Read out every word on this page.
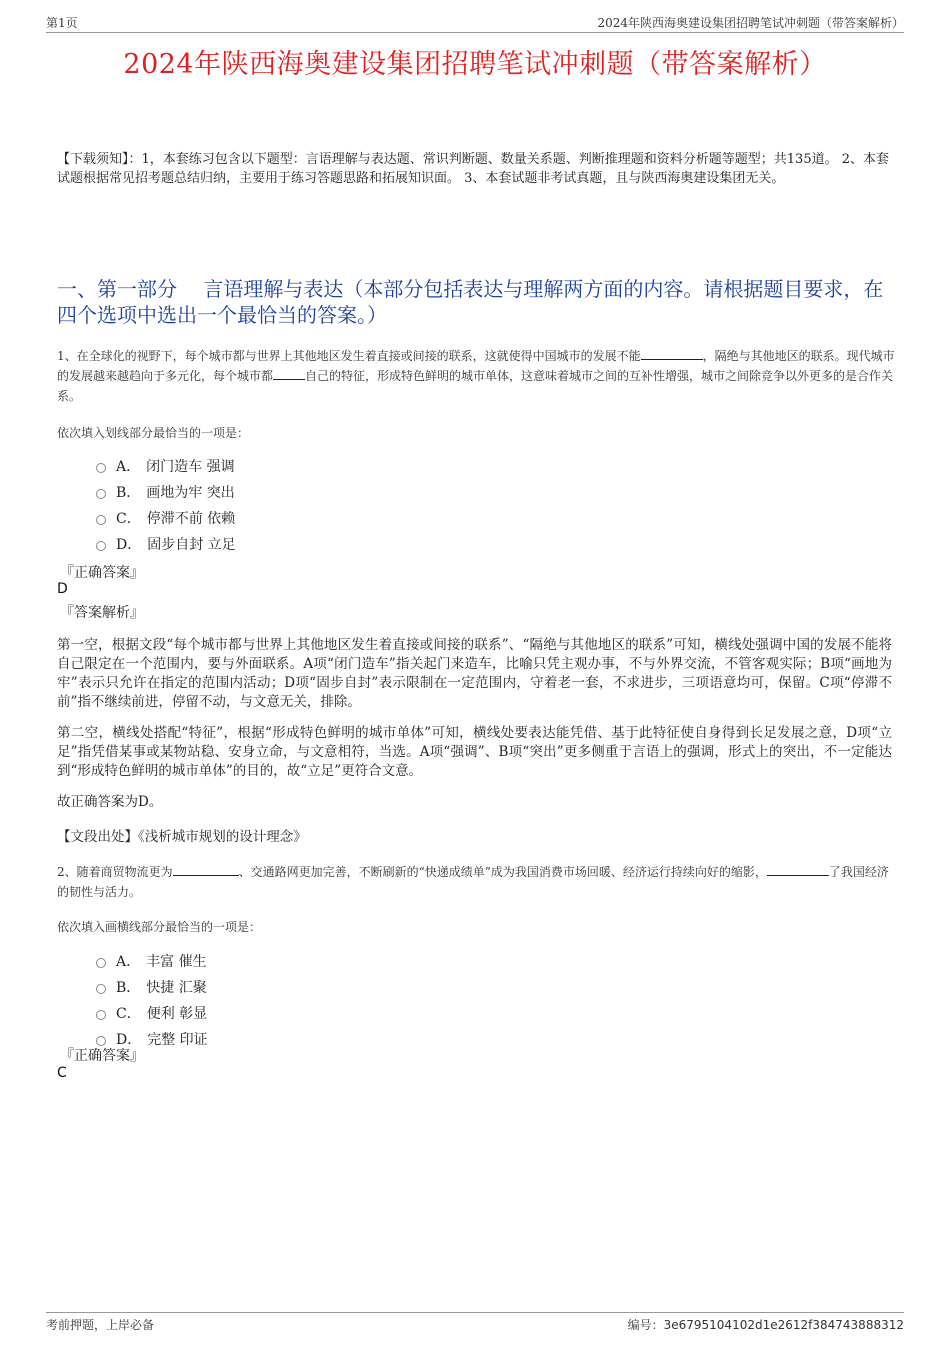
第1页	2024年陕西海奥建设集团招聘笔试冲刺题（带答案解析）
2024年陕西海奥建设集团招聘笔试冲刺题（带答案解析）
【下载须知】：1，本套练习包含以下题型：言语理解与表达题、常识判断题、数量关系题、判断推理题和资料分析题等题型；共135道。 2、本套试题根据常见招考题总结归纳，主要用于练习答题思路和拓展知识面。 3、本套试题非考试真题，且与陕西海奥建设集团无关。
一、第一部分　 言语理解与表达（本部分包括表达与理解两方面的内容。请根据题目要求，在四个选项中选出一个最恰当的答案。）
1、在全球化的视野下，每个城市都与世界上其他地区发生着直接或间接的联系，这就使得中国城市的发展不能	，隔绝与其他地区的联系。现代城市的发展越来越趋向于多元化，每个城市都	自己的特征，形成特色鲜明的城市单体，这意味着城市之间的互补性增强，城市之间除竞争以外更多的是合作关系。
依次填入划线部分最恰当的一项是：
A． 闭门造车 强调
B． 画地为牢 突出
C． 停滞不前 依赖
D． 固步自封 立足
『正确答案』
D
『答案解析』
第一空，根据文段“每个城市都与世界上其他地区发生着直接或间接的联系”、“隔绝与其他地区的联系”可知，横线处强调中国的发展不能将自己限定在一个范围内，要与外面联系。A项“闭门造车”指关起门来造车，比喻只凭主观办事，不与外界交流，不管客观实际；B项“画地为牢”表示只允许在指定的范围内活动；D项“固步自封”表示限制在一定范围内，守着老一套，不求进步，三项语意均可，保留。C项“停滞不前”指不继续前进，停留不动，与文意无关，排除。
第二空，横线处搭配“特征”，根据“形成特色鲜明的城市单体”可知，横线处要表达能凭借、基于此特征使自身得到长足发展之意，D项“立足”指凭借某事或某物站稳、安身立命，与文意相符，当选。A项“强调”、B项“突出”更多侧重于言语上的强调，形式上的突出，不一定能达到“形成特色鲜明的城市单体”的目的，故“立足”更符合文意。
故正确答案为D。
【文段出处】《浅析城市规划的设计理念》
2、随着商贸物流更为	、交通路网更加完善，不断刷新的“快递成绩单”成为我国消费市场回暖、经济运行持续向好的缩影，	了我国经济的韧性与活力。
依次填入画横线部分最恰当的一项是：
A． 丰富 催生
B． 快捷 汇聚
C． 便利 彰显
D． 完整 印证
『正确答案』
C
考前押题，上岸必备	编号：3e6795104102d1e2612f384743888312
